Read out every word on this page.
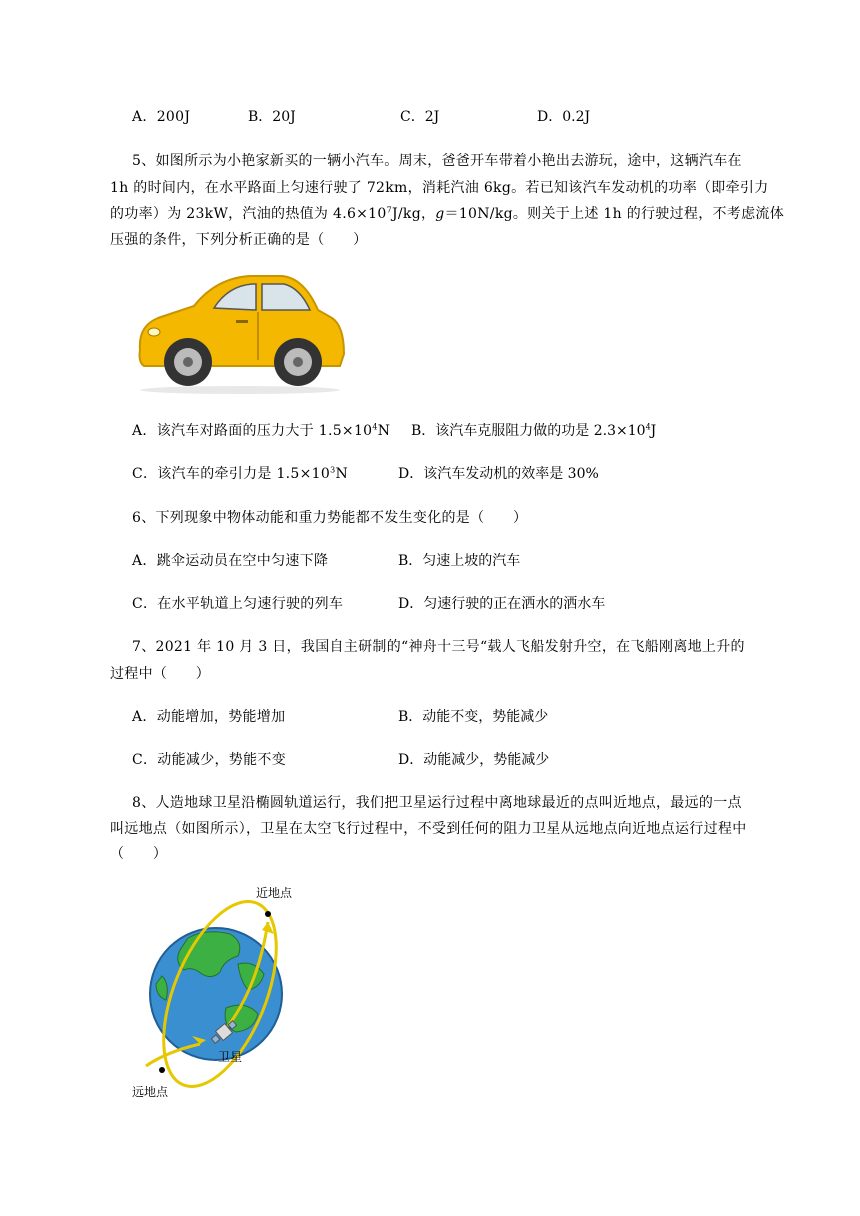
A．200J	B．20J	C．2J	D．0.2J
5、如图所示为小艳家新买的一辆小汽车。周末，爸爸开车带着小艳出去游玩，途中，这辆汽车在
1h 的时间内，在水平路面上匀速行驶了 72km，消耗汽油 6kg。若已知该汽车发动机的功率（即牵引力
的功率）为 23kW，汽油的热值为 $4.6\times 10^7J/kg$，g＝10N/kg。则关于上述 1h 的行驶过程，不考虑流体
压强的条件，下列分析正确的是（　　）
A．该汽车对路面的压力大于 $1.5\times 10^4N$ B．该汽车克服阻力做的功是 $2.3\times 10^4J$
C．该汽车的牵引力是 $1.5\times 10^3N$	D．该汽车发动机的效率是 30%
6、下列现象中物体动能和重力势能都不发生变化的是（　　）
A．跳伞运动员在空中匀速下降	B．匀速上坡的汽车
C．在水平轨道上匀速行驶的列车	D．匀速行驶的正在洒水的洒水车
7、2021 年 10 月 3 日，我国自主研制的“神舟十三号“载人飞船发射升空，在飞船刚离地上升的
过程中（　　）
A．动能增加，势能增加	B．动能不变，势能减少
C．动能减少，势能不变	D．动能减少，势能减少
8、人造地球卫星沿椭圆轨道运行，我们把卫星运行过程中离地球最近的点叫近地点，最远的一点
叫远地点（如图所示），卫星在太空飞行过程中，不受到任何的阻力卫星从远地点向近地点运行过程中
（　　）
近地点
卫星
远地点
